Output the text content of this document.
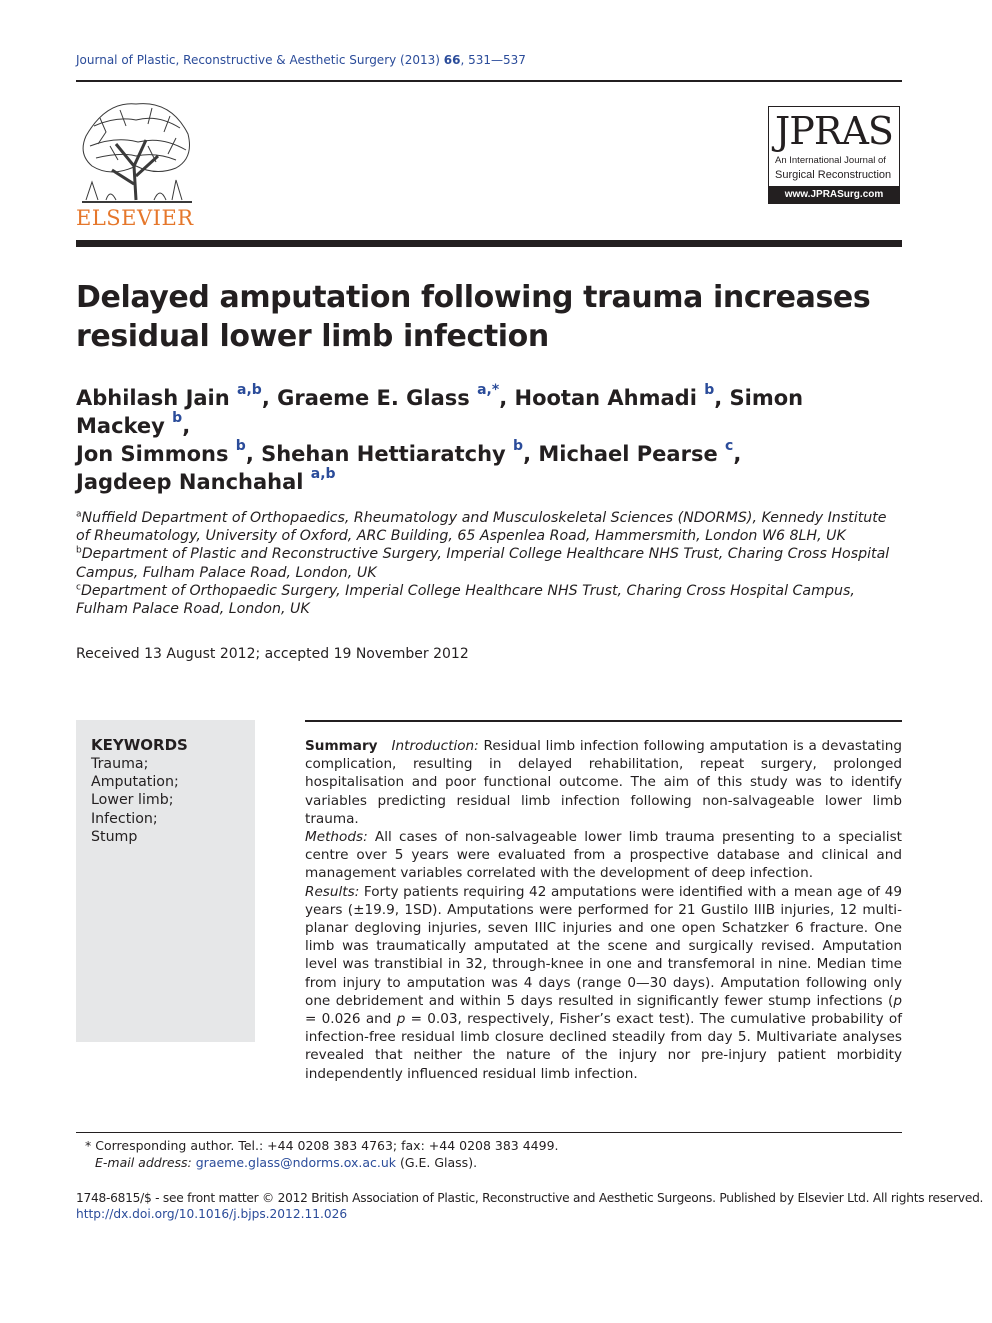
Journal of Plastic, Reconstructive & Aesthetic Surgery (2013) 66, 531—537
ELSEVIER
JPRAS
An International Journal of
Surgical Reconstruction
www.JPRASurg.com
Delayed amputation following trauma increases
residual lower limb infection
Abhilash Jain $^{a,b}$, Graeme E. Glass $^{a,*}$, Hootan Ahmadi $^b$, Simon Mackey $^b$,
Jon Simmons $^b$, Shehan Hettiaratchy $^b$, Michael Pearse $^c$,
Jagdeep Nanchahal $^{a,b}$
$^a$Nuffield Department of Orthopaedics, Rheumatology and Musculoskeletal Sciences (NDORMS), Kennedy Institute of Rheumatology, University of Oxford, ARC Building, 65 Aspenlea Road, Hammersmith, London W6 8LH, UK
$^b$Department of Plastic and Reconstructive Surgery, Imperial College Healthcare NHS Trust, Charing Cross Hospital Campus, Fulham Palace Road, London, UK
$^c$Department of Orthopaedic Surgery, Imperial College Healthcare NHS Trust, Charing Cross Hospital Campus, Fulham Palace Road, London, UK
Received 13 August 2012; accepted 19 November 2012
KEYWORDS
Trauma;
Amputation;
Lower limb;
Infection;
Stump

Summary Introduction: Residual limb infection following amputation is a devastating complication, resulting in delayed rehabilitation, repeat surgery, prolonged hospitalisation and poor functional outcome. The aim of this study was to identify variables predicting residual limb infection following non-salvageable lower limb trauma.

Methods: All cases of non-salvageable lower limb trauma presenting to a specialist centre over 5 years were evaluated from a prospective database and clinical and management variables correlated with the development of deep infection.

Results: Forty patients requiring 42 amputations were identified with a mean age of 49 years (±19.9, 1SD). Amputations were performed for 21 Gustilo IIIB injuries, 12 multi-planar degloving injuries, seven IIIC injuries and one open Schatzker 6 fracture. One limb was traumatically amputated at the scene and surgically revised. Amputation level was transtibial in 32, through-knee in one and transfemoral in nine. Median time from injury to amputation was 4 days (range 0—30 days). Amputation following only one debridement and within 5 days resulted in significantly fewer stump infections (p = 0.026 and p = 0.03, respectively, Fisher’s exact test). The cumulative probability of infection-free residual limb closure declined steadily from day 5. Multivariate analyses revealed that neither the nature of the injury nor pre-injury patient morbidity independently influenced residual limb infection.

* Corresponding author. Tel.: +44 0208 383 4763; fax: +44 0208 383 4499.
E-mail address: graeme.glass@ndorms.ox.ac.uk (G.E. Glass).
1748-6815/$ - see front matter © 2012 British Association of Plastic, Reconstructive and Aesthetic Surgeons. Published by Elsevier Ltd. All rights reserved.
http://dx.doi.org/10.1016/j.bjps.2012.11.026
